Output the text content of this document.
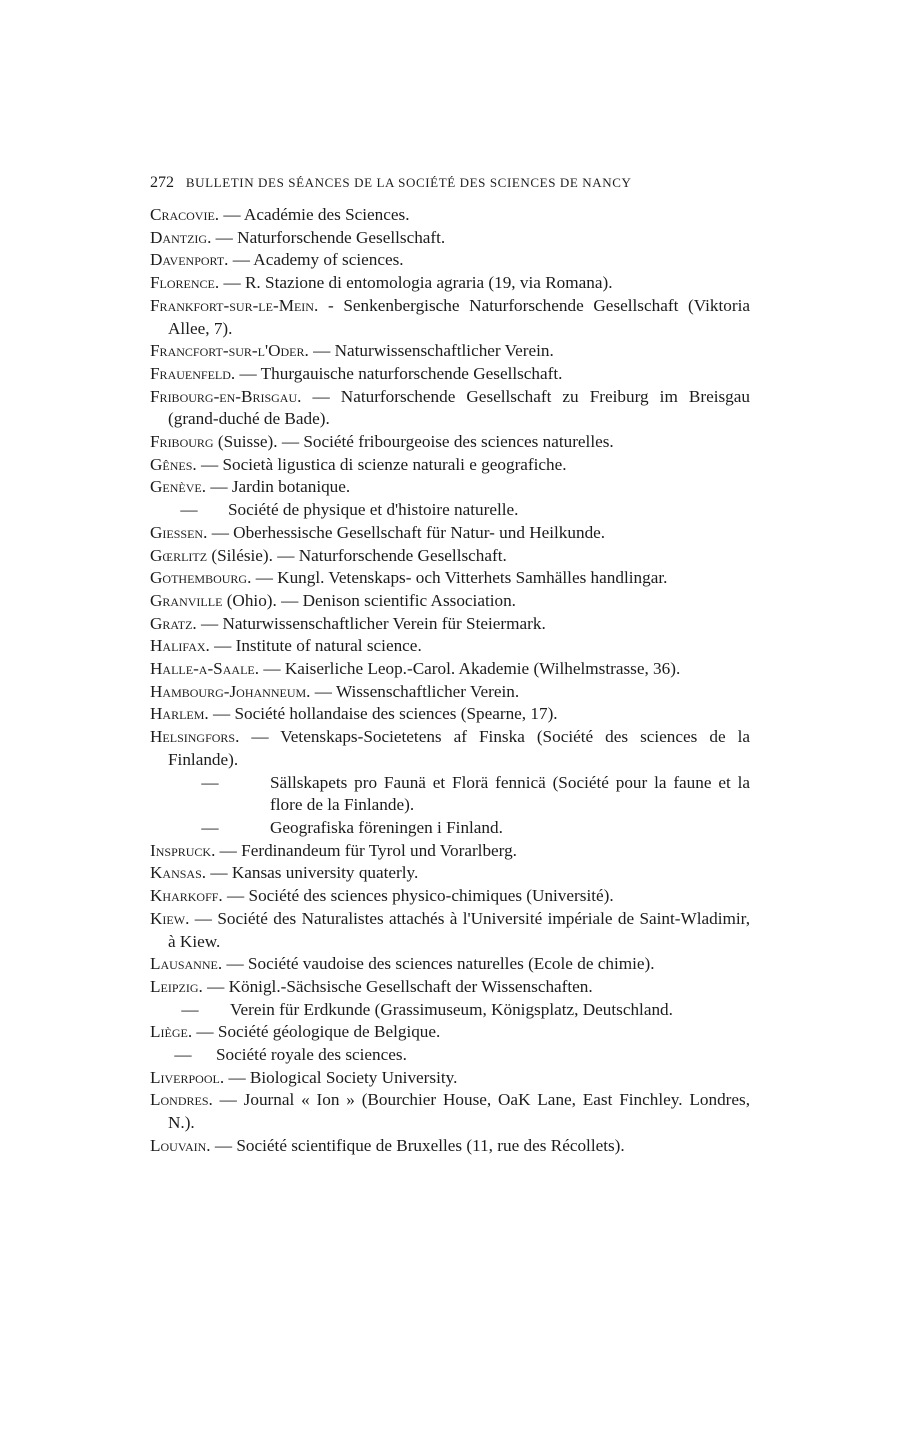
272 BULLETIN DES SÉANCES DE LA SOCIÉTÉ DES SCIENCES DE NANCY
Cracovie. — Académie des Sciences.
Dantzig. — Naturforschende Gesellschaft.
Davenport. — Academy of sciences.
Florence. — R. Stazione di entomologia agraria (19, via Romana).
Frankfort-sur-le-Mein. - Senkenbergische Naturforschende Gesellschaft (Viktoria Allee, 7).
Francfort-sur-l'Oder. — Naturwissenschaftlicher Verein.
Frauenfeld. — Thurgauische naturforschende Gesellschaft.
Fribourg-en-Brisgau. — Naturforschende Gesellschaft zu Freiburg im Breisgau (grand-duché de Bade).
Fribourg (Suisse). — Société fribourgeoise des sciences naturelles.
Gênes. — Società ligustica di scienze naturali e geografiche.
Genève. — Jardin botanique.
—	Société de physique et d'histoire naturelle.
Giessen. — Oberhessische Gesellschaft für Natur- und Heilkunde.
Gœrlitz (Silésie). — Naturforschende Gesellschaft.
Gothembourg. — Kungl. Vetenskaps- och Vitterhets Samhälles handlingar.
Granville (Ohio). — Denison scientific Association.
Gratz. — Naturwissenschaftlicher Verein für Steiermark.
Halifax. — Institute of natural science.
Halle-a-Saale. — Kaiserliche Leop.-Carol. Akademie (Wilhelmstrasse, 36).
Hambourg-Johanneum. — Wissenschaftlicher Verein.
Harlem. — Société hollandaise des sciences (Spearne, 17).
Helsingfors. — Vetenskaps-Societetens af Finska (Société des sciences de la Finlande).
—	Sällskapets pro Faunä et Florä fennicä (Société pour la faune et la flore de la Finlande).
—	Geografiska föreningen i Finland.
Inspruck. — Ferdinandeum für Tyrol und Vorarlberg.
Kansas. — Kansas university quaterly.
Kharkoff. — Société des sciences physico-chimiques (Université).
Kiew. — Société des Naturalistes attachés à l'Université impériale de Saint-Wladimir, à Kiew.
Lausanne. — Société vaudoise des sciences naturelles (Ecole de chimie).
Leipzig. — Königl.-Sächsische Gesellschaft der Wissenschaften.
—	Verein für Erdkunde (Grassimuseum, Königsplatz, Deutschland.
Liège. — Société géologique de Belgique.
—	Société royale des sciences.
Liverpool. — Biological Society University.
Londres. — Journal « Ion » (Bourchier House, OaK Lane, East Finchley. Londres, N.).
Louvain. — Société scientifique de Bruxelles (11, rue des Récollets).
